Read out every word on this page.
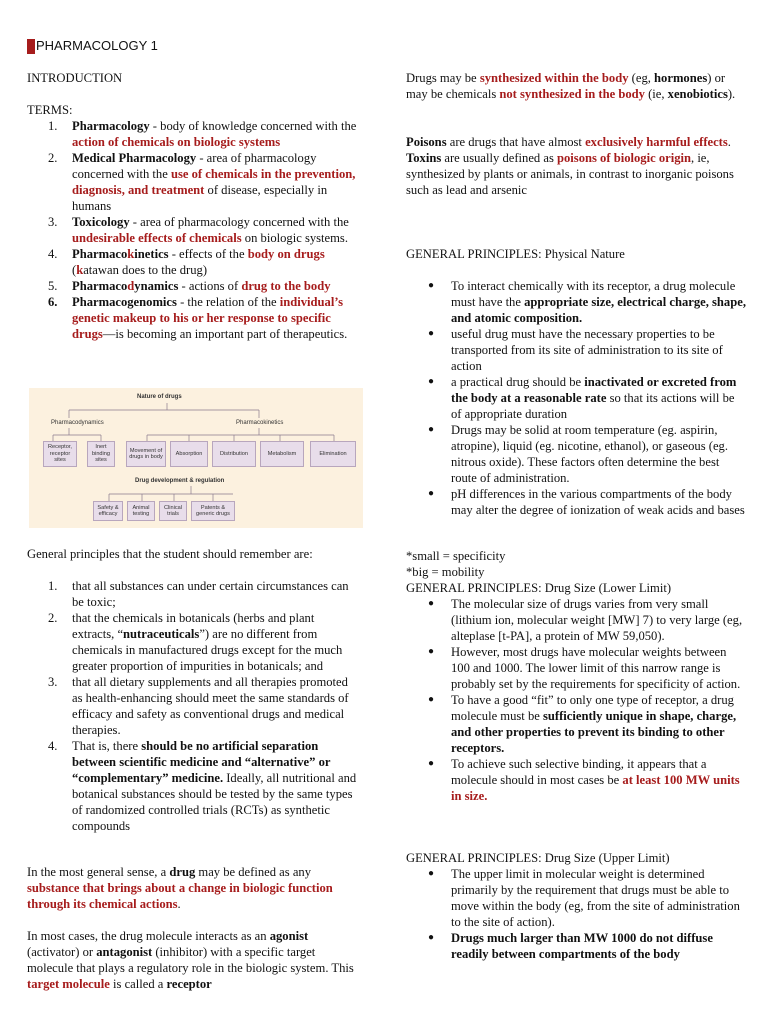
PHARMACOLOGY 1
INTRODUCTION
TERMS:
1. Pharmacology - body of knowledge concerned with the action of chemicals on biologic systems
2. Medical Pharmacology - area of pharmacology concerned with the use of chemicals in the prevention, diagnosis, and treatment of disease, especially in humans
3. Toxicology - area of pharmacology concerned with the undesirable effects of chemicals on biologic systems.
4. Pharmacokinetics - effects of the body on drugs
(katawan does to the drug)
5. Pharmacodynamics - actions of drug to the body
6. Pharmacogenomics - the relation of the individual’s genetic makeup to his or her response to specific drugs—is becoming an important part of therapeutics.
General principles that the student should remember are:
1. that all substances can under certain circumstances can be toxic;
2. that the chemicals in botanicals (herbs and plant extracts, “nutraceuticals”) are no different from chemicals in manufactured drugs except for the much greater proportion of impurities in botanicals; and
3. that all dietary supplements and all therapies promoted as health-enhancing should meet the same standards of efficacy and safety as conventional drugs and medical therapies.
4. That is, there should be no artificial separation between scientific medicine and “alternative” or “complementary” medicine. Ideally, all nutritional and botanical substances should be tested by the same types of randomized controlled trials (RCTs) as synthetic compounds

In the most general sense, a drug may be defined as any substance that brings about a change in biologic function through its chemical actions.

In most cases, the drug molecule interacts as an agonist (activator) or antagonist (inhibitor) with a specific target molecule that plays a regulatory role in the biologic system. This target molecule is called a receptor

Nature of drugs
Pharmacodynamics	Pharmacokinetics
Receptor, receptor sites
Inert binding sites
Movement of drugs in body
Absorption	Distribution	Metabolism	Elimination
Drug development & regulation
Safety & efficacy
Animal testing
Clinical trials
Patents & generic drugs

Drugs may be synthesized within the body (eg, hormones) or may be chemicals not synthesized in the body (ie, xenobiotics).

Poisons are drugs that have almost exclusively harmful effects.
Toxins are usually defined as poisons of biologic origin, ie, synthesized by plants or animals, in contrast to inorganic poisons such as lead and arsenic

GENERAL PRINCIPLES: Physical Nature
● To interact chemically with its receptor, a drug molecule must have the appropriate size, electrical charge, shape, and atomic composition.
● useful drug must have the necessary properties to be transported from its site of administration to its site of action
● a practical drug should be inactivated or excreted from the body at a reasonable rate so that its actions will be of appropriate duration
● Drugs may be solid at room temperature (eg. aspirin, atropine), liquid (eg. nicotine, ethanol), or gaseous (eg. nitrous oxide). These factors often determine the best route of administration.
● pH differences in the various compartments of the body may alter the degree of ionization of weak acids and bases
*small = specificity
*big = mobility
GENERAL PRINCIPLES: Drug Size (Lower Limit)
● The molecular size of drugs varies from very small (lithium ion, molecular weight [MW] 7) to very large (eg, alteplase [t-PA], a protein of MW 59,050).
● However, most drugs have molecular weights between 100 and 1000. The lower limit of this narrow range is probably set by the requirements for specificity of action.
● To have a good “fit” to only one type of receptor, a drug molecule must be sufficiently unique in shape, charge, and other properties to prevent its binding to other receptors.
● To achieve such selective binding, it appears that a molecule should in most cases be at least 100 MW units in size.
GENERAL PRINCIPLES: Drug Size (Upper Limit)
● The upper limit in molecular weight is determined primarily by the requirement that drugs must be able to move within the body (eg, from the site of administration to the site of action).
● Drugs much larger than MW 1000 do not diffuse readily between compartments of the body
